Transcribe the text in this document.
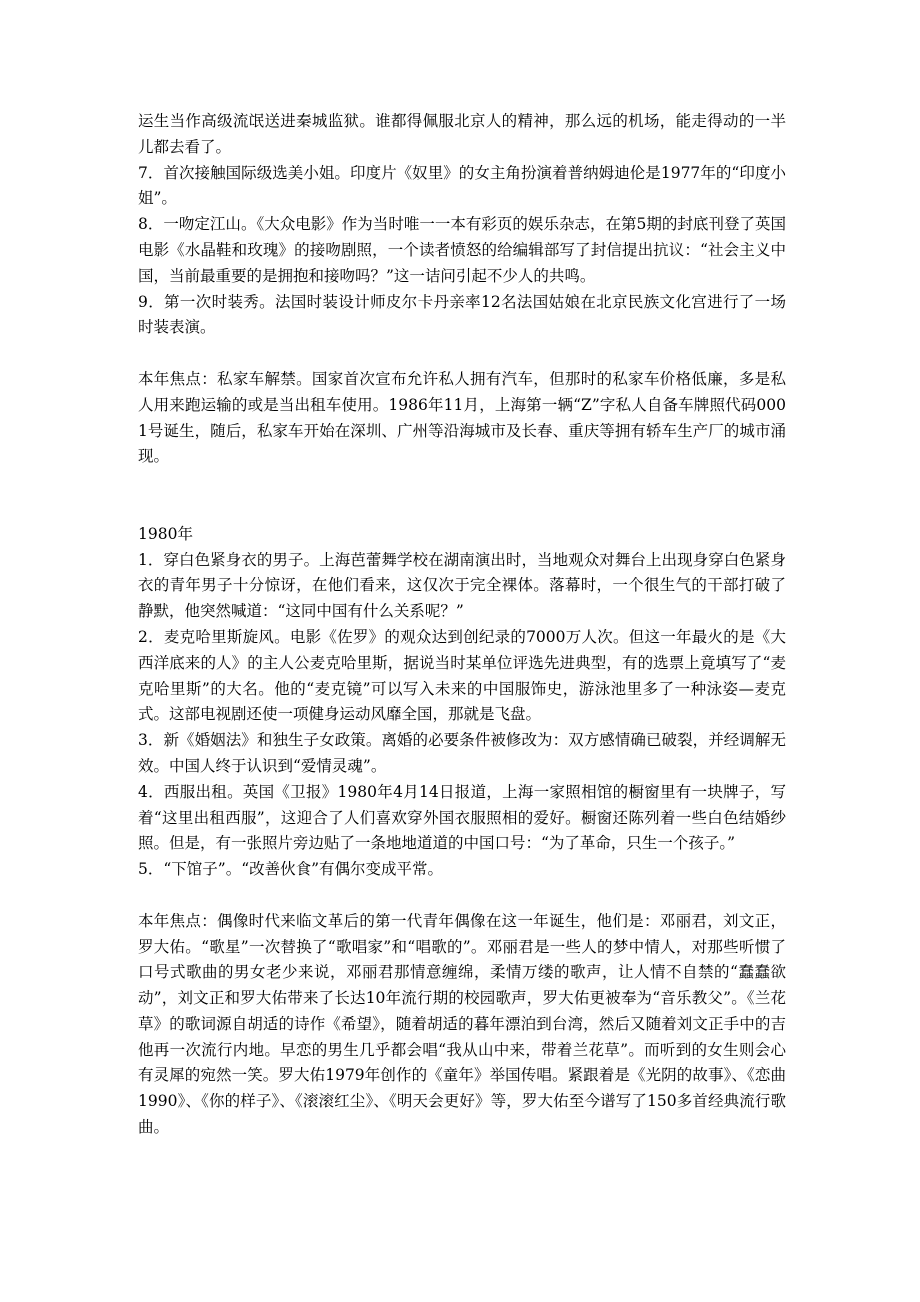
运生当作高级流氓送进秦城监狱。谁都得佩服北京人的精神，那么远的机场，能走得动的一半儿都去看了。

7．首次接触国际级选美小姐。印度片《奴里》的女主角扮演着普纳姆迪伦是1977年的“印度小姐”。

8．一吻定江山。《大众电影》作为当时唯一一本有彩页的娱乐杂志，在第5期的封底刊登了英国电影《水晶鞋和玫瑰》的接吻剧照，一个读者愤怒的给编辑部写了封信提出抗议：“社会主义中国，当前最重要的是拥抱和接吻吗？”这一诘问引起不少人的共鸣。

9．第一次时装秀。法国时装设计师皮尔卡丹亲率12名法国姑娘在北京民族文化宫进行了一场时装表演。

本年焦点：私家车解禁。国家首次宣布允许私人拥有汽车，但那时的私家车价格低廉，多是私人用来跑运输的或是当出租车使用。1986年11月，上海第一辆“Z”字私人自备车牌照代码0001号诞生，随后，私家车开始在深圳、广州等沿海城市及长春、重庆等拥有轿车生产厂的城市涌现。

1980年

1．穿白色紧身衣的男子。上海芭蕾舞学校在湖南演出时，当地观众对舞台上出现身穿白色紧身衣的青年男子十分惊讶，在他们看来，这仅次于完全裸体。落幕时，一个很生气的干部打破了静默，他突然喊道：“这同中国有什么关系呢？”

2．麦克哈里斯旋风。电影《佐罗》的观众达到创纪录的7000万人次。但这一年最火的是《大西洋底来的人》的主人公麦克哈里斯，据说当时某单位评选先进典型，有的选票上竟填写了“麦克哈里斯”的大名。他的“麦克镜”可以写入未来的中国服饰史，游泳池里多了一种泳姿—麦克式。这部电视剧还使一项健身运动风靡全国，那就是飞盘。

3．新《婚姻法》和独生子女政策。离婚的必要条件被修改为：双方感情确已破裂，并经调解无效。中国人终于认识到“爱情灵魂”。

4．西服出租。英国《卫报》1980年4月14日报道，上海一家照相馆的橱窗里有一块牌子，写着“这里出租西服”，这迎合了人们喜欢穿外国衣服照相的爱好。橱窗还陈列着一些白色结婚纱照。但是，有一张照片旁边贴了一条地地道道的中国口号：“为了革命，只生一个孩子。”

5．“下馆子”。“改善伙食”有偶尔变成平常。

本年焦点：偶像时代来临文革后的第一代青年偶像在这一年诞生，他们是：邓丽君，刘文正，罗大佑。“歌星”一次替换了“歌唱家”和“唱歌的”。邓丽君是一些人的梦中情人，对那些听惯了口号式歌曲的男女老少来说，邓丽君那情意缠绵，柔情万缕的歌声，让人情不自禁的“蠢蠢欲动”，刘文正和罗大佑带来了长达10年流行期的校园歌声，罗大佑更被奉为“音乐教父”。《兰花草》的歌词源自胡适的诗作《希望》，随着胡适的暮年漂泊到台湾，然后又随着刘文正手中的吉他再一次流行内地。早恋的男生几乎都会唱“我从山中来，带着兰花草”。而听到的女生则会心有灵犀的宛然一笑。罗大佑1979年创作的《童年》举国传唱。紧跟着是《光阴的故事》、《恋曲1990》、《你的样子》、《滚滚红尘》、《明天会更好》等，罗大佑至今谱写了150多首经典流行歌曲。
